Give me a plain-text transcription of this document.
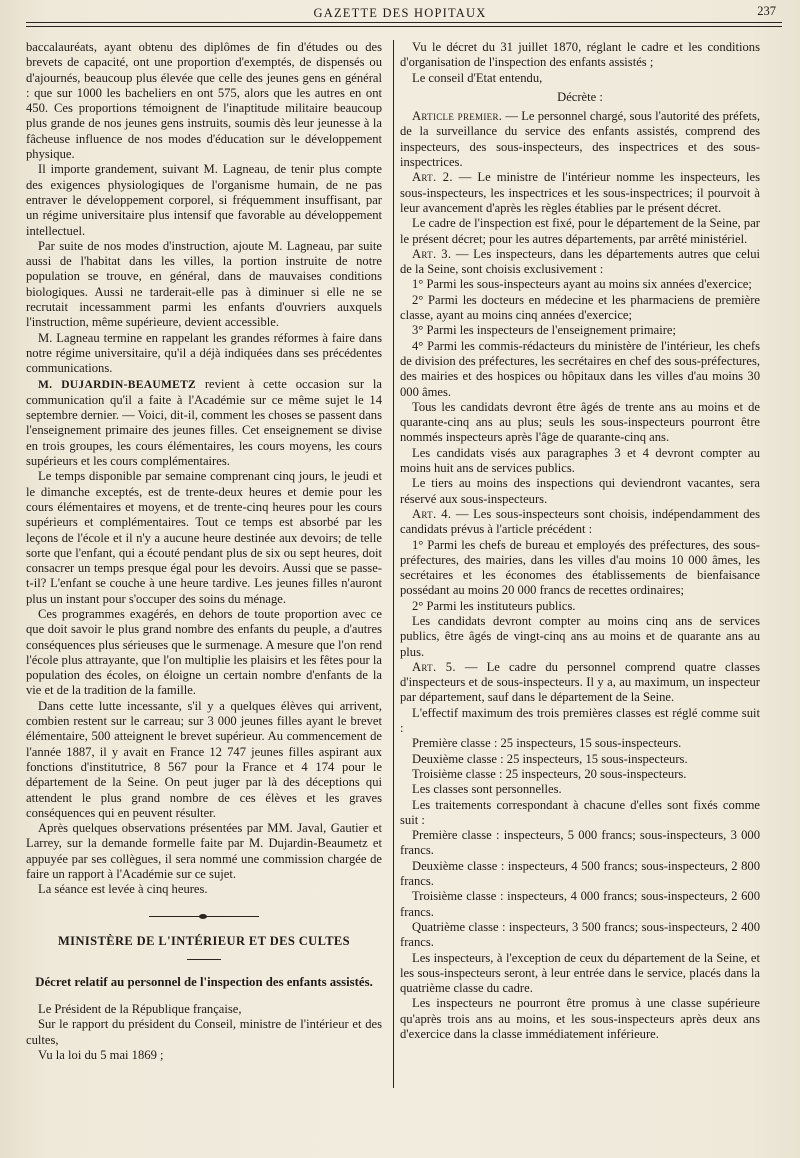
GAZETTE DES HOPITAUX	237

baccalauréats, ayant obtenu des diplômes de fin d'études ou des brevets de capacité, ont une proportion d'exemptés, de dispensés ou d'ajournés, beaucoup plus élevée que celle des jeunes gens en général : que sur 1000 les bacheliers en ont 575, alors que les autres en ont 450. Ces proportions témoignent de l'inaptitude militaire beaucoup plus grande de nos jeunes gens instruits, soumis dès leur jeunesse à la fâcheuse influence de nos modes d'éducation sur le développement physique.

Il importe grandement, suivant M. Lagneau, de tenir plus compte des exigences physiologiques de l'organisme humain, de ne pas entraver le développement corporel, si fréquemment insuffisant, par un régime universitaire plus intensif que favorable au développement intellectuel.

Par suite de nos modes d'instruction, ajoute M. Lagneau, par suite aussi de l'habitat dans les villes, la portion instruite de notre population se trouve, en général, dans de mauvaises conditions biologiques. Aussi ne tarderait-elle pas à diminuer si elle ne se recrutait incessamment parmi les enfants d'ouvriers auxquels l'instruction, même supérieure, devient accessible.

M. Lagneau termine en rappelant les grandes réformes à faire dans notre régime universitaire, qu'il a déjà indiquées dans ses précédentes communications.

M. DUJARDIN-BEAUMETZ revient à cette occasion sur la communication qu'il a faite à l'Académie sur ce même sujet le 14 septembre dernier. — Voici, dit-il, comment les choses se passent dans l'enseignement primaire des jeunes filles. Cet enseignement se divise en trois groupes, les cours élémentaires, les cours moyens, les cours supérieurs et les cours complémentaires.

Le temps disponible par semaine comprenant cinq jours, le jeudi et le dimanche exceptés, est de trente-deux heures et demie pour les cours élémentaires et moyens, et de trente-cinq heures pour les cours supérieurs et complémentaires. Tout ce temps est absorbé par les leçons de l'école et il n'y a aucune heure destinée aux devoirs; de telle sorte que l'enfant, qui a écouté pendant plus de six ou sept heures, doit consacrer un temps presque égal pour les devoirs. Aussi que se passe-t-il? L'enfant se couche à une heure tardive. Les jeunes filles n'auront plus un instant pour s'occuper des soins du ménage.

Ces programmes exagérés, en dehors de toute proportion avec ce que doit savoir le plus grand nombre des enfants du peuple, a d'autres conséquences plus sérieuses que le surmenage. A mesure que l'on rend l'école plus attrayante, que l'on multiplie les plaisirs et les fêtes pour la population des écoles, on éloigne un certain nombre d'enfants de la vie et de la tradition de la famille.

Dans cette lutte incessante, s'il y a quelques élèves qui arrivent, combien restent sur le carreau; sur 3 000 jeunes filles ayant le brevet élémentaire, 500 atteignent le brevet supérieur. Au commencement de l'année 1887, il y avait en France 12 747 jeunes filles aspirant aux fonctions d'institutrice, 8 567 pour la France et 4 174 pour le département de la Seine. On peut juger par là des déceptions qui attendent le plus grand nombre de ces élèves et les graves conséquences qui en peuvent résulter.

Après quelques observations présentées par MM. Javal, Gautier et Larrey, sur la demande formelle faite par M. Dujardin-Beaumetz et appuyée par ses collègues, il sera nommé une commission chargée de faire un rapport à l'Académie sur ce sujet.

La séance est levée à cinq heures.

MINISTÈRE DE L'INTÉRIEUR ET DES CULTES
Décret relatif au personnel de l'inspection des enfants assistés.

Le Président de la République française,

Sur le rapport du président du Conseil, ministre de l'intérieur et des cultes,

Vu la loi du 5 mai 1869 ;

Vu le décret du 31 juillet 1870, réglant le cadre et les conditions d'organisation de l'inspection des enfants assistés ;

Le conseil d'Etat entendu,

Décrète :

Article premier. — Le personnel chargé, sous l'autorité des préfets, de la surveillance du service des enfants assistés, comprend des inspecteurs, des sous-inspecteurs, des inspectrices et des sous-inspectrices.

Art. 2. — Le ministre de l'intérieur nomme les inspecteurs, les sous-inspecteurs, les inspectrices et les sous-inspectrices; il pourvoit à leur avancement d'après les règles établies par le présent décret.

Le cadre de l'inspection est fixé, pour le département de la Seine, par le présent décret; pour les autres départements, par arrêté ministériel.

Art. 3. — Les inspecteurs, dans les départements autres que celui de la Seine, sont choisis exclusivement :

1° Parmi les sous-inspecteurs ayant au moins six années d'exercice;

2° Parmi les docteurs en médecine et les pharmaciens de première classe, ayant au moins cinq années d'exercice;

3° Parmi les inspecteurs de l'enseignement primaire;

4° Parmi les commis-rédacteurs du ministère de l'intérieur, les chefs de division des préfectures, les secrétaires en chef des sous-préfectures, des mairies et des hospices ou hôpitaux dans les villes d'au moins 30 000 âmes.

Tous les candidats devront être âgés de trente ans au moins et de quarante-cinq ans au plus; seuls les sous-inspecteurs pourront être nommés inspecteurs après l'âge de quarante-cinq ans.

Les candidats visés aux paragraphes 3 et 4 devront compter au moins huit ans de services publics.

Le tiers au moins des inspections qui deviendront vacantes, sera réservé aux sous-inspecteurs.

Art. 4. — Les sous-inspecteurs sont choisis, indépendamment des candidats prévus à l'article précédent :

1° Parmi les chefs de bureau et employés des préfectures, des sous-préfectures, des mairies, dans les villes d'au moins 10 000 âmes, les secrétaires et les économes des établissements de bienfaisance possédant au moins 20 000 francs de recettes ordinaires;

2° Parmi les instituteurs publics.

Les candidats devront compter au moins cinq ans de services publics, être âgés de vingt-cinq ans au moins et de quarante ans au plus.

Art. 5. — Le cadre du personnel comprend quatre classes d'inspecteurs et de sous-inspecteurs. Il y a, au maximum, un inspecteur par département, sauf dans le département de la Seine.

L'effectif maximum des trois premières classes est réglé comme suit :

Première classe : 25 inspecteurs, 15 sous-inspecteurs.

Deuxième classe : 25 inspecteurs, 15 sous-inspecteurs.

Troisième classe : 25 inspecteurs, 20 sous-inspecteurs.

Les classes sont personnelles.

Les traitements correspondant à chacune d'elles sont fixés comme suit :

Première classe : inspecteurs, 5 000 francs; sous-inspecteurs, 3 000 francs.

Deuxième classe : inspecteurs, 4 500 francs; sous-inspecteurs, 2 800 francs.

Troisième classe : inspecteurs, 4 000 francs; sous-inspecteurs, 2 600 francs.

Quatrième classe : inspecteurs, 3 500 francs; sous-inspecteurs, 2 400 francs.

Les inspecteurs, à l'exception de ceux du département de la Seine, et les sous-inspecteurs seront, à leur entrée dans le service, placés dans la quatrième classe du cadre.

Les inspecteurs ne pourront être promus à une classe supérieure qu'après trois ans au moins, et les sous-inspecteurs après deux ans d'exercice dans la classe immédiatement inférieure.
